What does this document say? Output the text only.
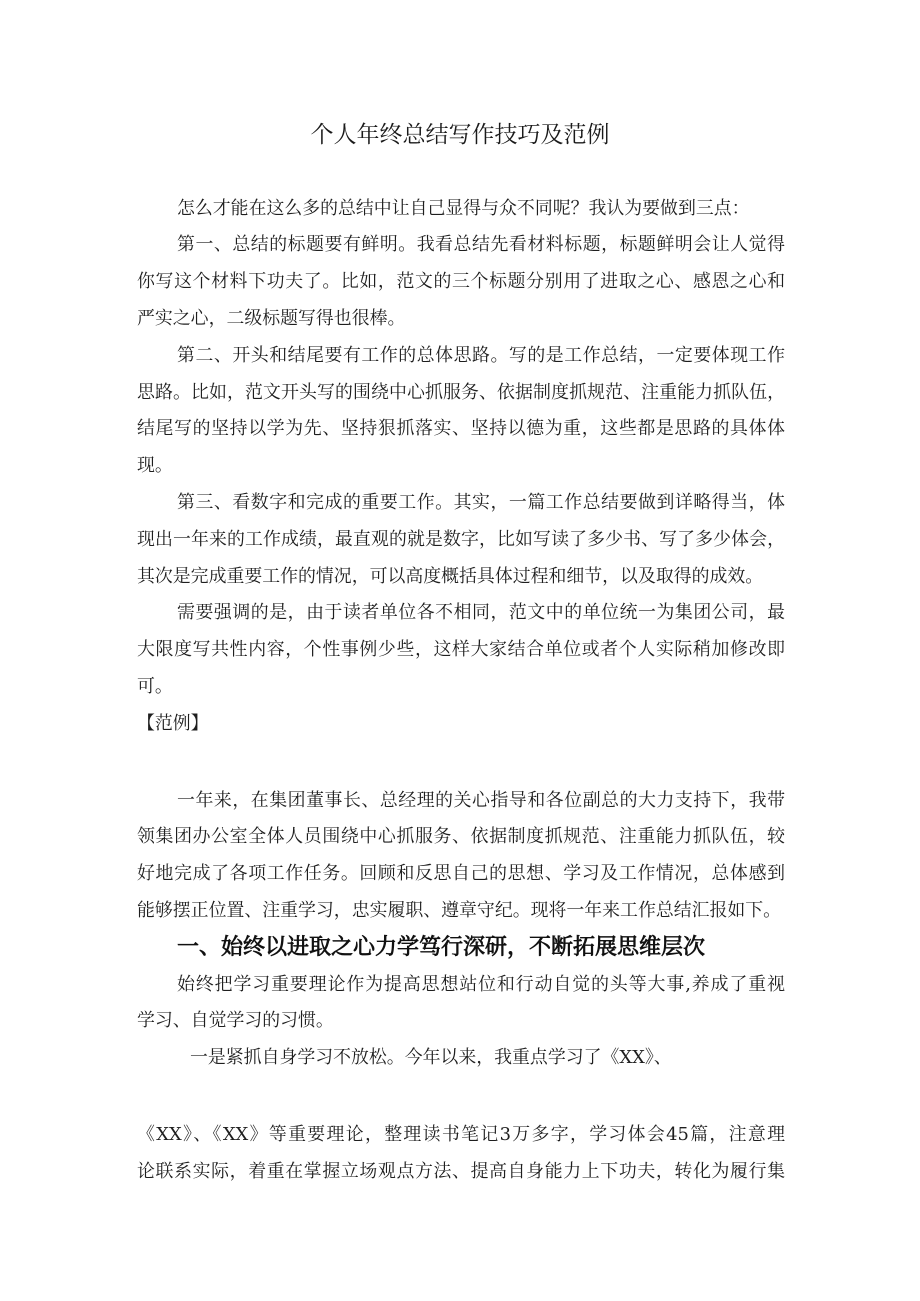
个人年终总结写作技巧及范例
怎么才能在这么多的总结中让自己显得与众不同呢？我认为要做到三点：
第一、总结的标题要有鲜明。我看总结先看材料标题，标题鲜明会让人觉得
你写这个材料下功夫了。比如，范文的三个标题分别用了进取之心、感恩之心和
严实之心，二级标题写得也很棒。
第二、开头和结尾要有工作的总体思路。写的是工作总结，一定要体现工作
思路。比如，范文开头写的围绕中心抓服务、依据制度抓规范、注重能力抓队伍，
结尾写的坚持以学为先、坚持狠抓落实、坚持以德为重，这些都是思路的具体体
现。
第三、看数字和完成的重要工作。其实，一篇工作总结要做到详略得当，体
现出一年来的工作成绩，最直观的就是数字，比如写读了多少书、写了多少体会，
其次是完成重要工作的情况，可以高度概括具体过程和细节，以及取得的成效。
需要强调的是，由于读者单位各不相同，范文中的单位统一为集团公司，最
大限度写共性内容，个性事例少些，这样大家结合单位或者个人实际稍加修改即
可。
【范例】
一年来，在集团董事长、总经理的关心指导和各位副总的大力支持下，我带
领集团办公室全体人员围绕中心抓服务、依据制度抓规范、注重能力抓队伍，较
好地完成了各项工作任务。回顾和反思自己的思想、学习及工作情况，总体感到
能够摆正位置、注重学习，忠实履职、遵章守纪。现将一年来工作总结汇报如下。
一、始终以进取之心力学笃行深研，不断拓展思维层次
始终把学习重要理论作为提高思想站位和行动自觉的头等大事,养成了重视
学习、自觉学习的习惯。
一是紧抓自身学习不放松。今年以来，我重点学习了《XX》、
《XX》、《XX》等重要理论，整理读书笔记3万多字，学习体会45篇，注意理
论联系实际，着重在掌握立场观点方法、提高自身能力上下功夫，转化为履行集
